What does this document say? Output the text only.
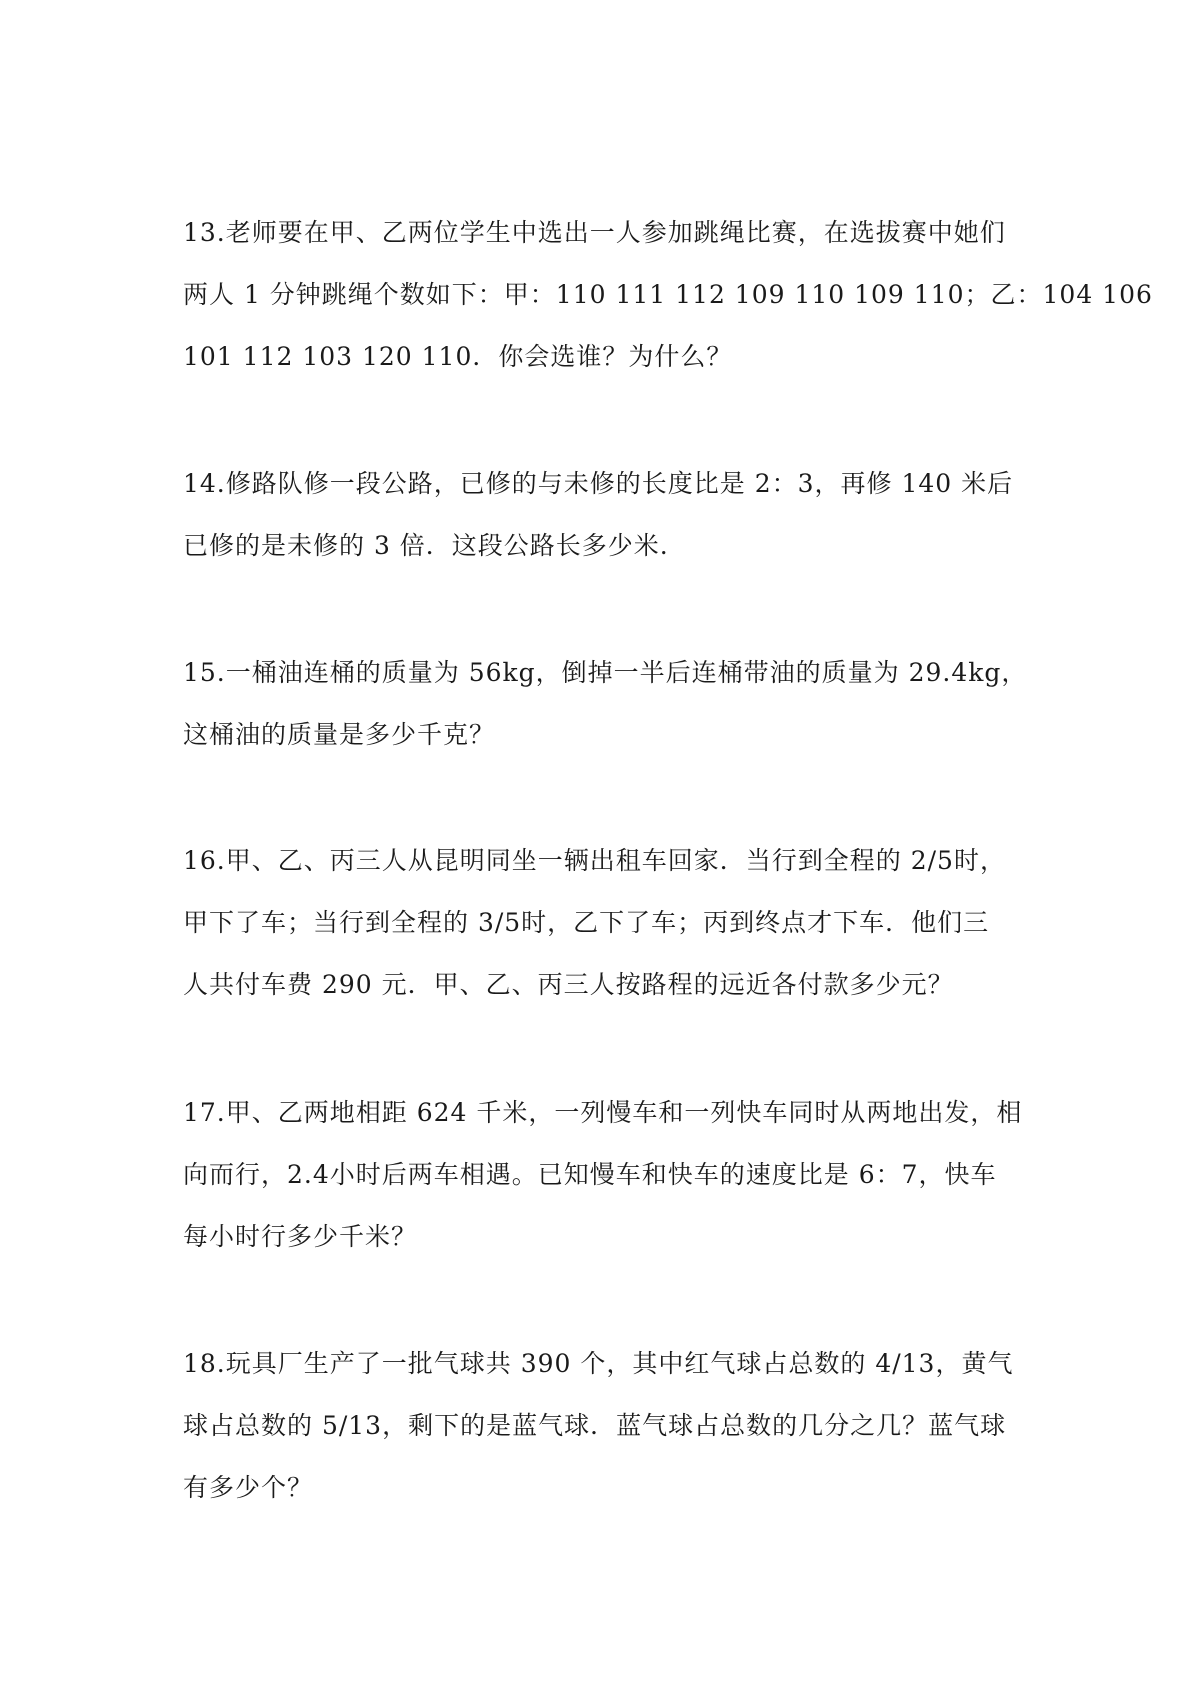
13.老师要在甲、乙两位学生中选出一人参加跳绳比赛，在选拔赛中她们
两人 1 分钟跳绳个数如下：甲：110 111 112 109 110 109 110；乙：104 106
101 112 103 120 110．你会选谁？为什么？
14.修路队修一段公路，已修的与未修的长度比是 2：3，再修 140 米后
已修的是未修的 3 倍．这段公路长多少米.
15.一桶油连桶的质量为 56kg，倒掉一半后连桶带油的质量为 29.4kg，
这桶油的质量是多少千克？
16.甲、乙、丙三人从昆明同坐一辆出租车回家．当行到全程的 2/5时，
甲下了车；当行到全程的 3/5时，乙下了车；丙到终点才下车．他们三
人共付车费 290 元．甲、乙、丙三人按路程的远近各付款多少元？
17.甲、乙两地相距 624 千米，一列慢车和一列快车同时从两地出发，相
向而行，2.4小时后两车相遇。已知慢车和快车的速度比是 6：7，快车
每小时行多少千米？
18.玩具厂生产了一批气球共 390 个，其中红气球占总数的 4/13，黄气
球占总数的 5/13，剩下的是蓝气球．蓝气球占总数的几分之几？蓝气球
有多少个？
